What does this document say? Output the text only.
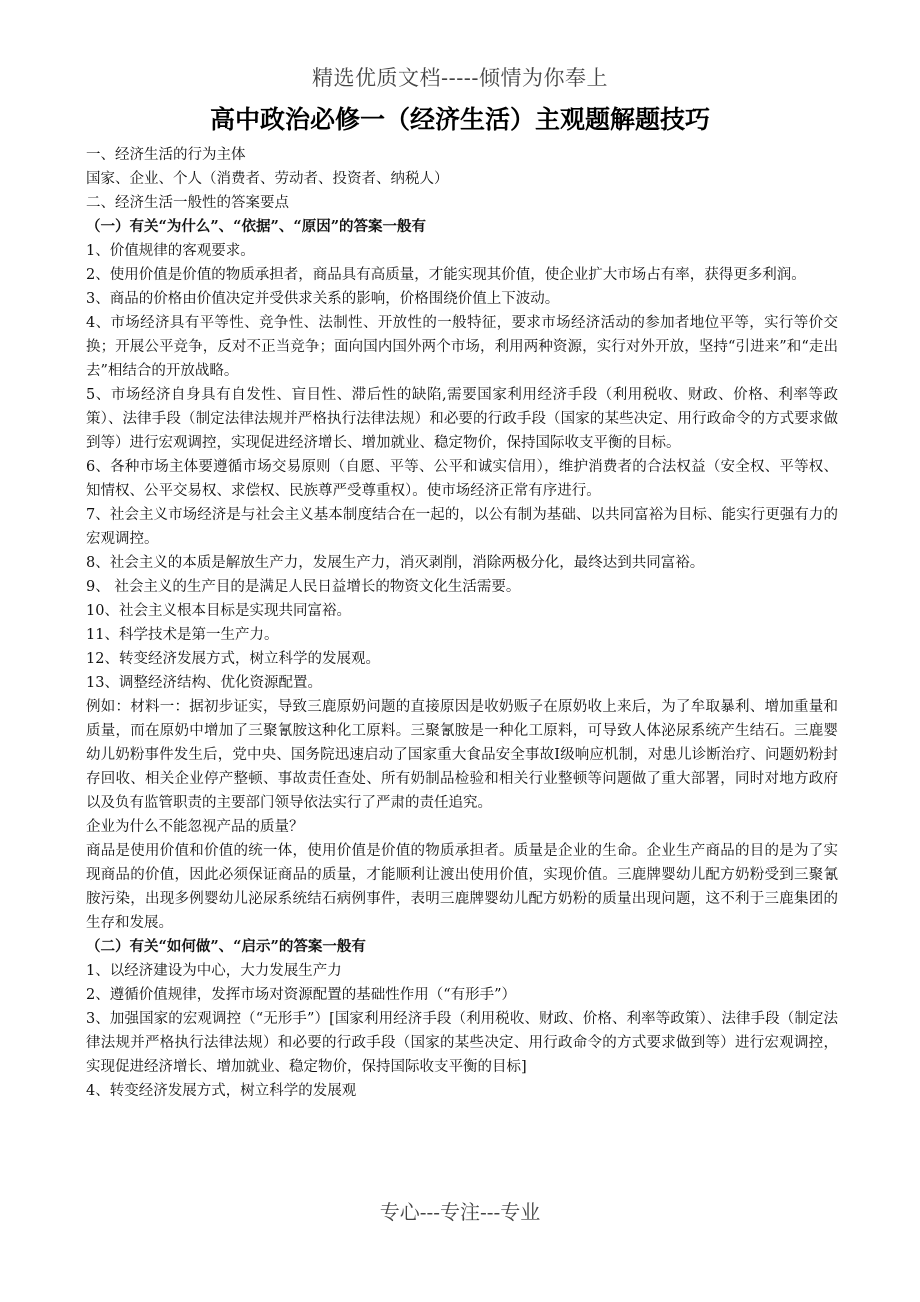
精选优质文档-----倾情为你奉上
高中政治必修一（经济生活）主观题解题技巧

一、经济生活的行为主体

国家、企业、个人（消费者、劳动者、投资者、纳税人）

二、经济生活一般性的答案要点

（一）有关“为什么”、“依据”、“原因”的答案一般有

1、价值规律的客观要求。

2、使用价值是价值的物质承担者，商品具有高质量，才能实现其价值，使企业扩大市场占有率，获得更多利润。

3、商品的价格由价值决定并受供求关系的影响，价格围绕价值上下波动。

4、市场经济具有平等性、竞争性、法制性、开放性的一般特征，要求市场经济活动的参加者地位平等，实行等价交换；开展公平竞争，反对不正当竞争；面向国内国外两个市场，利用两种资源，实行对外开放，坚持“引进来”和“走出去”相结合的开放战略。

5、市场经济自身具有自发性、盲目性、滞后性的缺陷,需要国家利用经济手段（利用税收、财政、价格、利率等政策）、法律手段（制定法律法规并严格执行法律法规）和必要的行政手段（国家的某些决定、用行政命令的方式要求做到等）进行宏观调控，实现促进经济增长、增加就业、稳定物价，保持国际收支平衡的目标。

6、各种市场主体要遵循市场交易原则（自愿、平等、公平和诚实信用），维护消费者的合法权益（安全权、平等权、知情权、公平交易权、求偿权、民族尊严受尊重权）。使市场经济正常有序进行。

7、社会主义市场经济是与社会主义基本制度结合在一起的，以公有制为基础、以共同富裕为目标、能实行更强有力的宏观调控。

8、社会主义的本质是解放生产力，发展生产力，消灭剥削，消除两极分化，最终达到共同富裕。

9、 社会主义的生产目的是满足人民日益增长的物资文化生活需要。

10、社会主义根本目标是实现共同富裕。

11、科学技术是第一生产力。

12、转变经济发展方式，树立科学的发展观。

13、调整经济结构、优化资源配置。

例如：材料一：据初步证实，导致三鹿原奶问题的直接原因是收奶贩子在原奶收上来后，为了牟取暴利、增加重量和质量，而在原奶中增加了三聚氰胺这种化工原料。三聚氰胺是一种化工原料，可导致人体泌尿系统产生结石。三鹿婴幼儿奶粉事件发生后，党中央、国务院迅速启动了国家重大食品安全事故Ⅰ级响应机制，对患儿诊断治疗、问题奶粉封存回收、相关企业停产整顿、事故责任查处、所有奶制品检验和相关行业整顿等问题做了重大部署，同时对地方政府以及负有监管职责的主要部门领导依法实行了严肃的责任追究。

企业为什么不能忽视产品的质量？

商品是使用价值和价值的统一体，使用价值是价值的物质承担者。质量是企业的生命。企业生产商品的目的是为了实现商品的价值，因此必须保证商品的质量，才能顺利让渡出使用价值，实现价值。三鹿牌婴幼儿配方奶粉受到三聚氰胺污染，出现多例婴幼儿泌尿系统结石病例事件，表明三鹿牌婴幼儿配方奶粉的质量出现问题，这不利于三鹿集团的生存和发展。

（二）有关“如何做”、“启示”的答案一般有

1、以经济建设为中心，大力发展生产力

2、遵循价值规律，发挥市场对资源配置的基础性作用（“有形手”）

3、加强国家的宏观调控（“无形手”）[国家利用经济手段（利用税收、财政、价格、利率等政策）、法律手段（制定法律法规并严格执行法律法规）和必要的行政手段（国家的某些决定、用行政命令的方式要求做到等）进行宏观调控，实现促进经济增长、增加就业、稳定物价，保持国际收支平衡的目标]

4、转变经济发展方式，树立科学的发展观

专心---专注---专业
